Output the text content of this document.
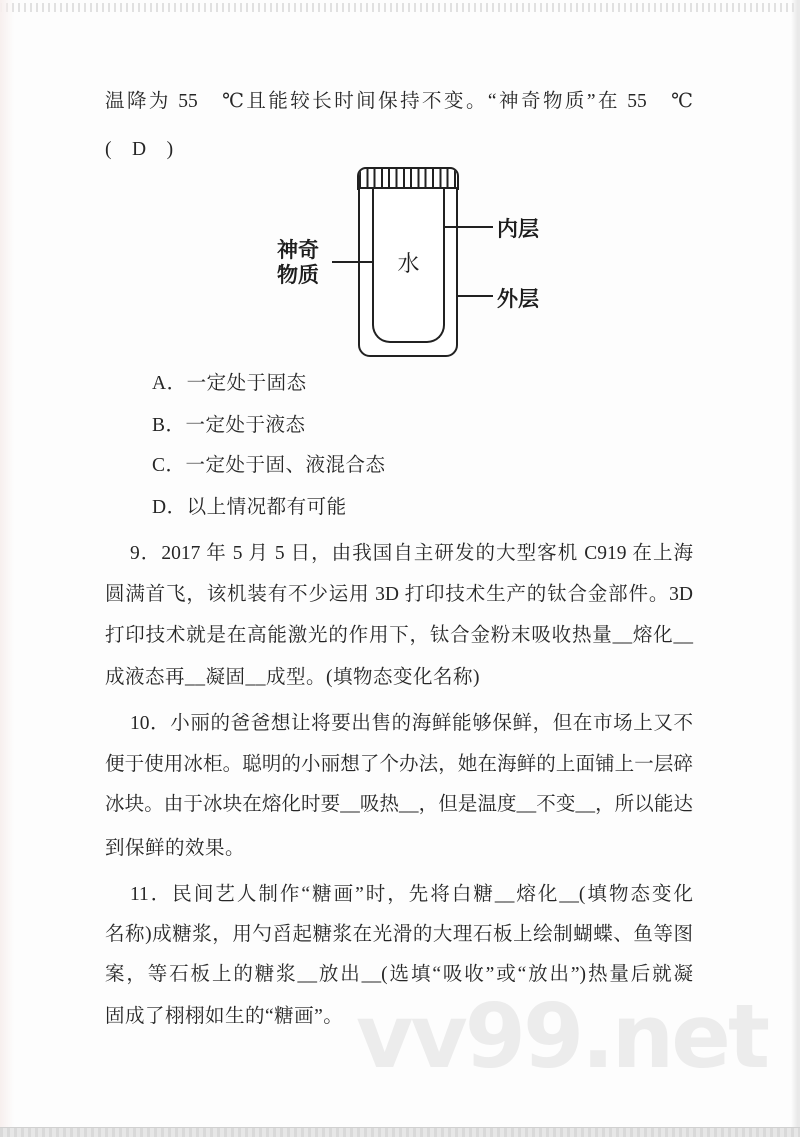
vv99.net
温降为 55　℃且能较长时间保持不变。“神奇物质”在 55　℃
(　D　)
水
内层
外层
神奇
物质
A．一定处于固态
B．一定处于液态
C．一定处于固、液混合态
D．以上情况都有可能
9．2017 年 5 月 5 日，由我国自主研发的大型客机 C919 在上海
圆满首飞，该机装有不少运用 3D 打印技术生产的钛合金部件。3D
打印技术就是在高能激光的作用下，钛合金粉末吸收热量__熔化__
成液态再__凝固__成型。(填物态变化名称)
10．小丽的爸爸想让将要出售的海鲜能够保鲜，但在市场上又不
便于使用冰柜。聪明的小丽想了个办法，她在海鲜的上面铺上一层碎
冰块。由于冰块在熔化时要__吸热__，但是温度__不变__，所以能达
到保鲜的效果。
11．民间艺人制作“糖画”时，先将白糖__熔化__(填物态变化
名称)成糖浆，用勺舀起糖浆在光滑的大理石板上绘制蝴蝶、鱼等图
案，等石板上的糖浆__放出__(选填“吸收”或“放出”)热量后就凝
固成了栩栩如生的“糖画”。
